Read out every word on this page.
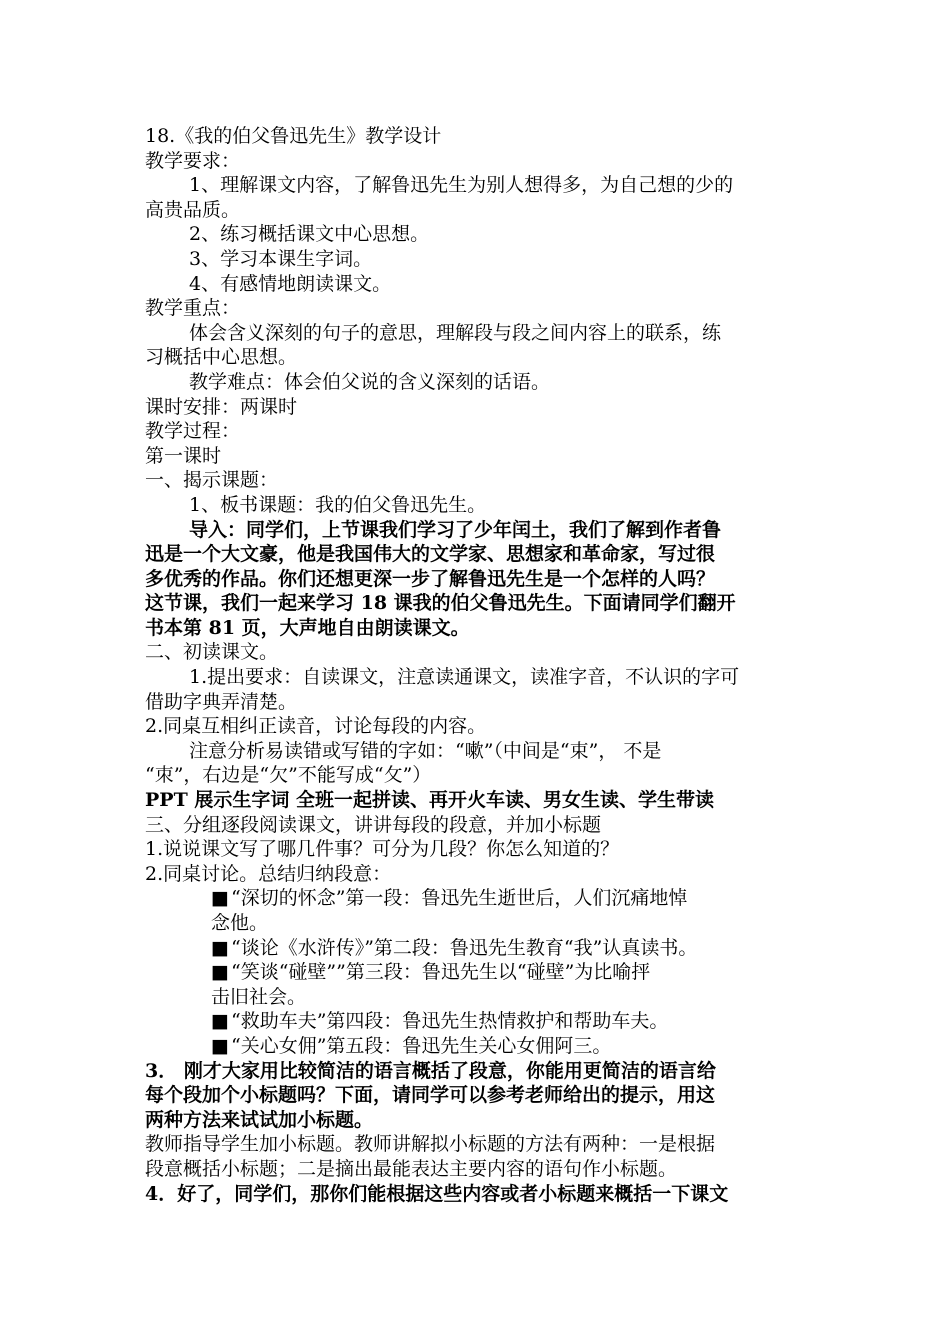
18.《我的伯父鲁迅先生》教学设计
教学要求：
1、理解课文内容，了解鲁迅先生为别人想得多，为自己想的少的
高贵品质。
2、练习概括课文中心思想。
3、学习本课生字词。
4、有感情地朗读课文。
教学重点：
体会含义深刻的句子的意思，理解段与段之间内容上的联系，练
习概括中心思想。
教学难点：体会伯父说的含义深刻的话语。
课时安排：两课时
教学过程：
第一课时
一、揭示课题：
1、板书课题：我的伯父鲁迅先生。
导入：同学们，上节课我们学习了少年闰土，我们了解到作者鲁
迅是一个大文豪，他是我国伟大的文学家、思想家和革命家，写过很
多优秀的作品。你们还想更深一步了解鲁迅先生是一个怎样的人吗？
这节课，我们一起来学习 18 课我的伯父鲁迅先生。下面请同学们翻开
书本第 81 页，大声地自由朗读课文。
二、初读课文。
1.提出要求：自读课文，注意读通课文，读准字音，不认识的字可
借助字典弄清楚。
2.同桌互相纠正读音，讨论每段的内容。
注意分析易读错或写错的字如：“嗽”（中间是“束”， 不是
“朿”，右边是“欠”不能写成“攵”）
PPT 展示生字词 全班一起拼读、再开火车读、男女生读、学生带读
三、分组逐段阅读课文，讲讲每段的段意，并加小标题
1.说说课文写了哪几件事？可分为几段？你怎么知道的？
2.同桌讨论。总结归纳段意：
■ “深切的怀念”第一段：鲁迅先生逝世后，人们沉痛地悼
念他。
■ “谈论《水浒传》”第二段：鲁迅先生教育“我”认真读书。
■ “笑谈“碰壁””第三段：鲁迅先生以“碰壁”为比喻抨
击旧社会。
■ “救助车夫”第四段：鲁迅先生热情救护和帮助车夫。
■ “关心女佣”第五段：鲁迅先生关心女佣阿三。
3． 刚才大家用比较简洁的语言概括了段意，你能用更简洁的语言给
每个段加个小标题吗？下面，请同学可以参考老师给出的提示，用这
两种方法来试试加小标题。
教师指导学生加小标题。教师讲解拟小标题的方法有两种：一是根据
段意概括小标题；二是摘出最能表达主要内容的语句作小标题。
4．好了，同学们，那你们能根据这些内容或者小标题来概括一下课文
